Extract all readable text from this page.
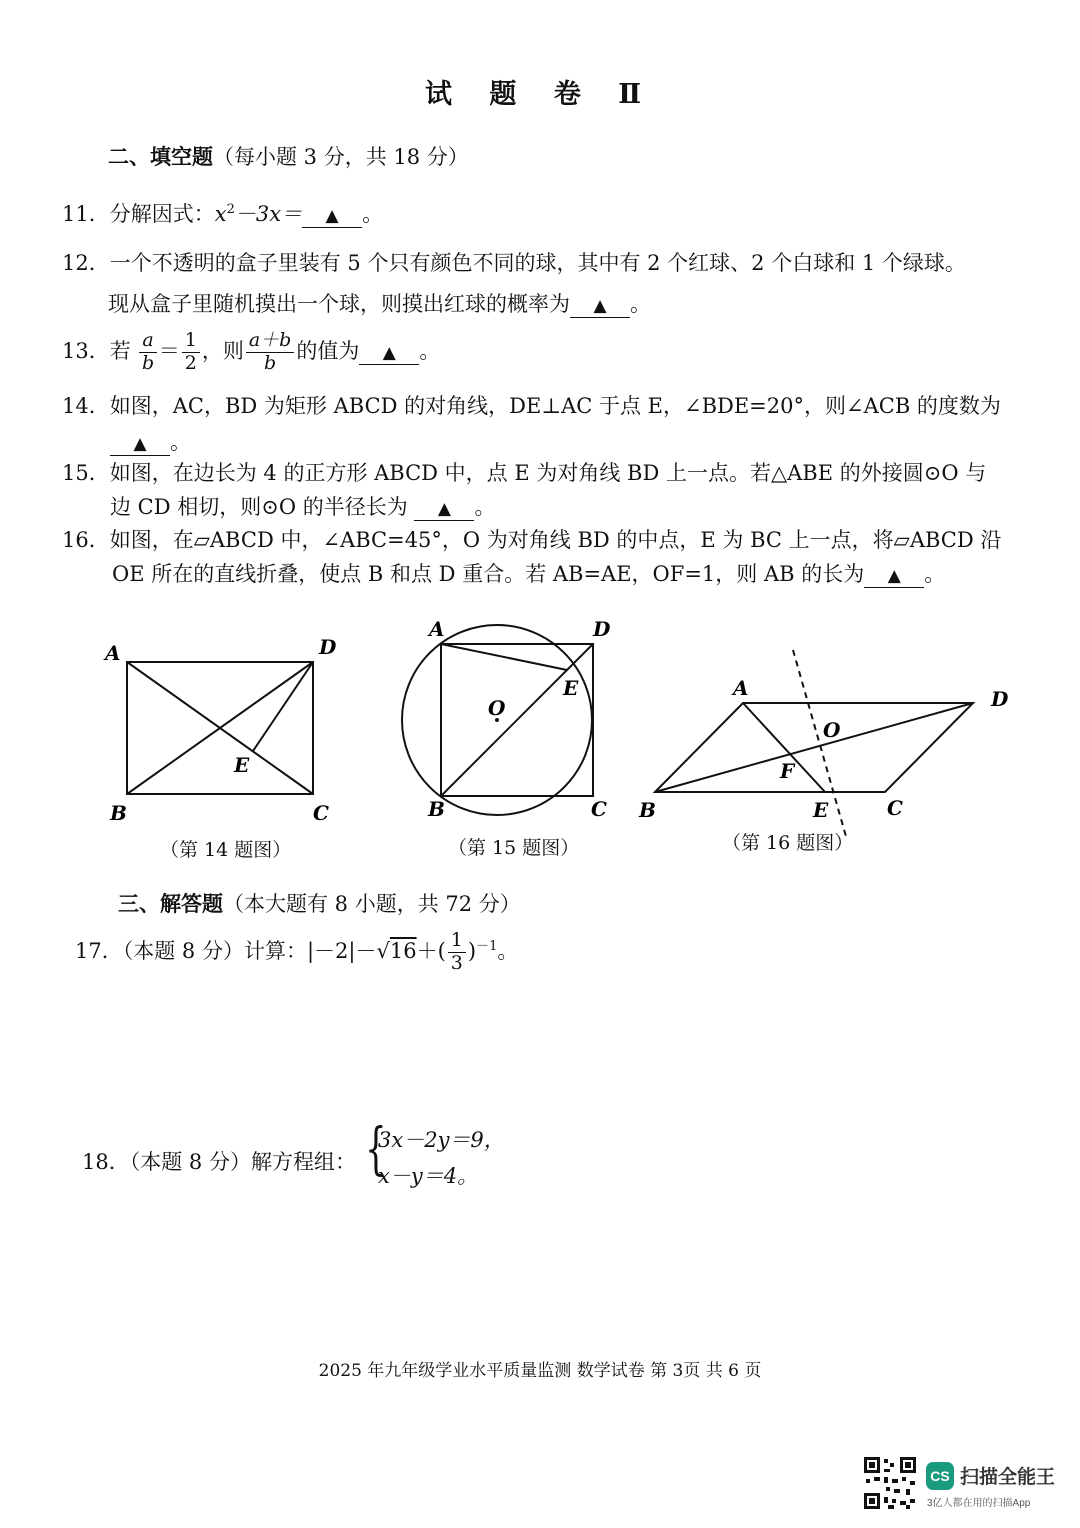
试 题 卷 Ⅱ
二、填空题（每小题 3 分，共 18 分）
11．分解因式：$x^2-3x=$ ▲ 。
12．一个不透明的盒子里装有 5 个只有颜色不同的球，其中有 2 个红球、2 个白球和 1 个绿球。
现从盒子里随机摸出一个球，则摸出红球的概率为 ▲ 。
13．若 $\frac{a}{b} = \frac{1}{2}$ ，则 $\frac{a+b}{b}$ 的值为 ▲ 。
14．如图，AC，BD 为矩形 ABCD 的对角线，DE⊥AC 于点 E，∠BDE=20°，则∠ACB 的度数为
▲ 。
15．如图，在边长为 4 的正方形 ABCD 中，点 E 为对角线 BD 上一点。若△ABE 的外接圆⊙O 与
边 CD 相切，则⊙O 的半径长为 ▲ 。
16．如图，在▱ABCD 中，∠ABC=45°，O 为对角线 BD 的中点，E 为 BC 上一点，将▱ABCD 沿
OE 所在的直线折叠，使点 B 和点 D 重合。若 AB=AE，OF=1，则 AB 的长为 ▲ 。
A	D
B	C
E
（第 14 题图）
A	D
E
O
B	C
（第 15 题图）
A	D
O
F
B	E	C
（第 16 题图）
三、解答题（本大题有 8 小题，共 72 分）
17．（本题 8 分）计算：$|-2|-√16+( \frac{1}{3} )^{-1}$。
18．（本题 8 分）解方程组： {
3x－2y＝9，
x－y＝4。
2025 年九年级学业水平质量监测 数学试卷 第 3页 共 6 页
CS 扫描全能王
3亿人都在用的扫描App
